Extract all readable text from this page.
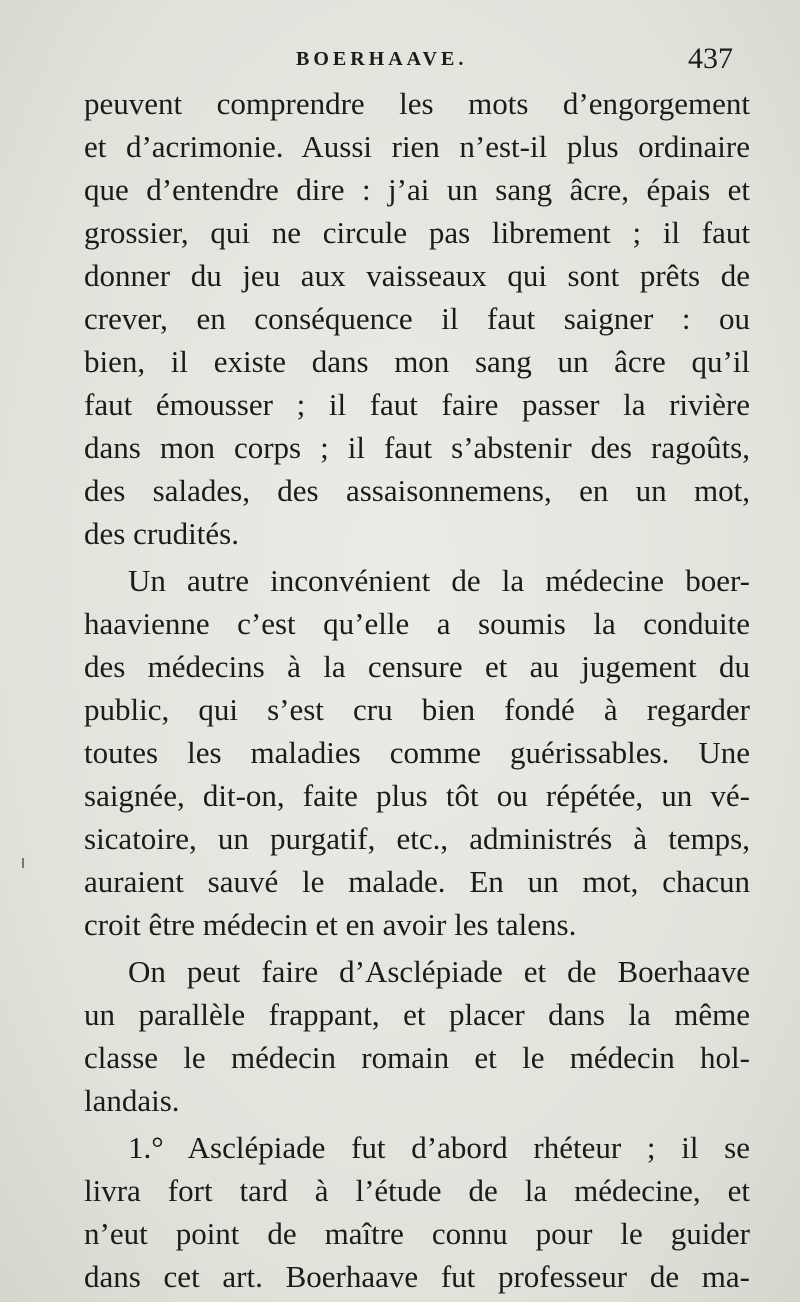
BOERHAAVE.	437
peuvent comprendre les mots d’engorgement
et d’acrimonie. Aussi rien n’est-il plus ordinaire
que d’entendre dire : j’ai un sang âcre, épais et
grossier, qui ne circule pas librement ; il faut
donner du jeu aux vaisseaux qui sont prêts de
crever, en conséquence il faut saigner : ou
bien, il existe dans mon sang un âcre qu’il
faut émousser ; il faut faire passer la rivière
dans mon corps ; il faut s’abstenir des ragoûts,
des salades, des assaisonnemens, en un mot,
des crudités.
Un autre inconvénient de la médecine boer-
haavienne c’est qu’elle a soumis la conduite
des médecins à la censure et au jugement du
public, qui s’est cru bien fondé à regarder
toutes les maladies comme guérissables. Une
saignée, dit-on, faite plus tôt ou répétée, un vé-
sicatoire, un purgatif, etc., administrés à temps,
auraient sauvé le malade. En un mot, chacun
croit être médecin et en avoir les talens.
On peut faire d’Asclépiade et de Boerhaave
un parallèle frappant, et placer dans la même
classe le médecin romain et le médecin hol-
landais.
1.° Asclépiade fut d’abord rhéteur ; il se
livra fort tard à l’étude de la médecine, et
n’eut point de maître connu pour le guider
dans cet art. Boerhaave fut professeur de ma-
